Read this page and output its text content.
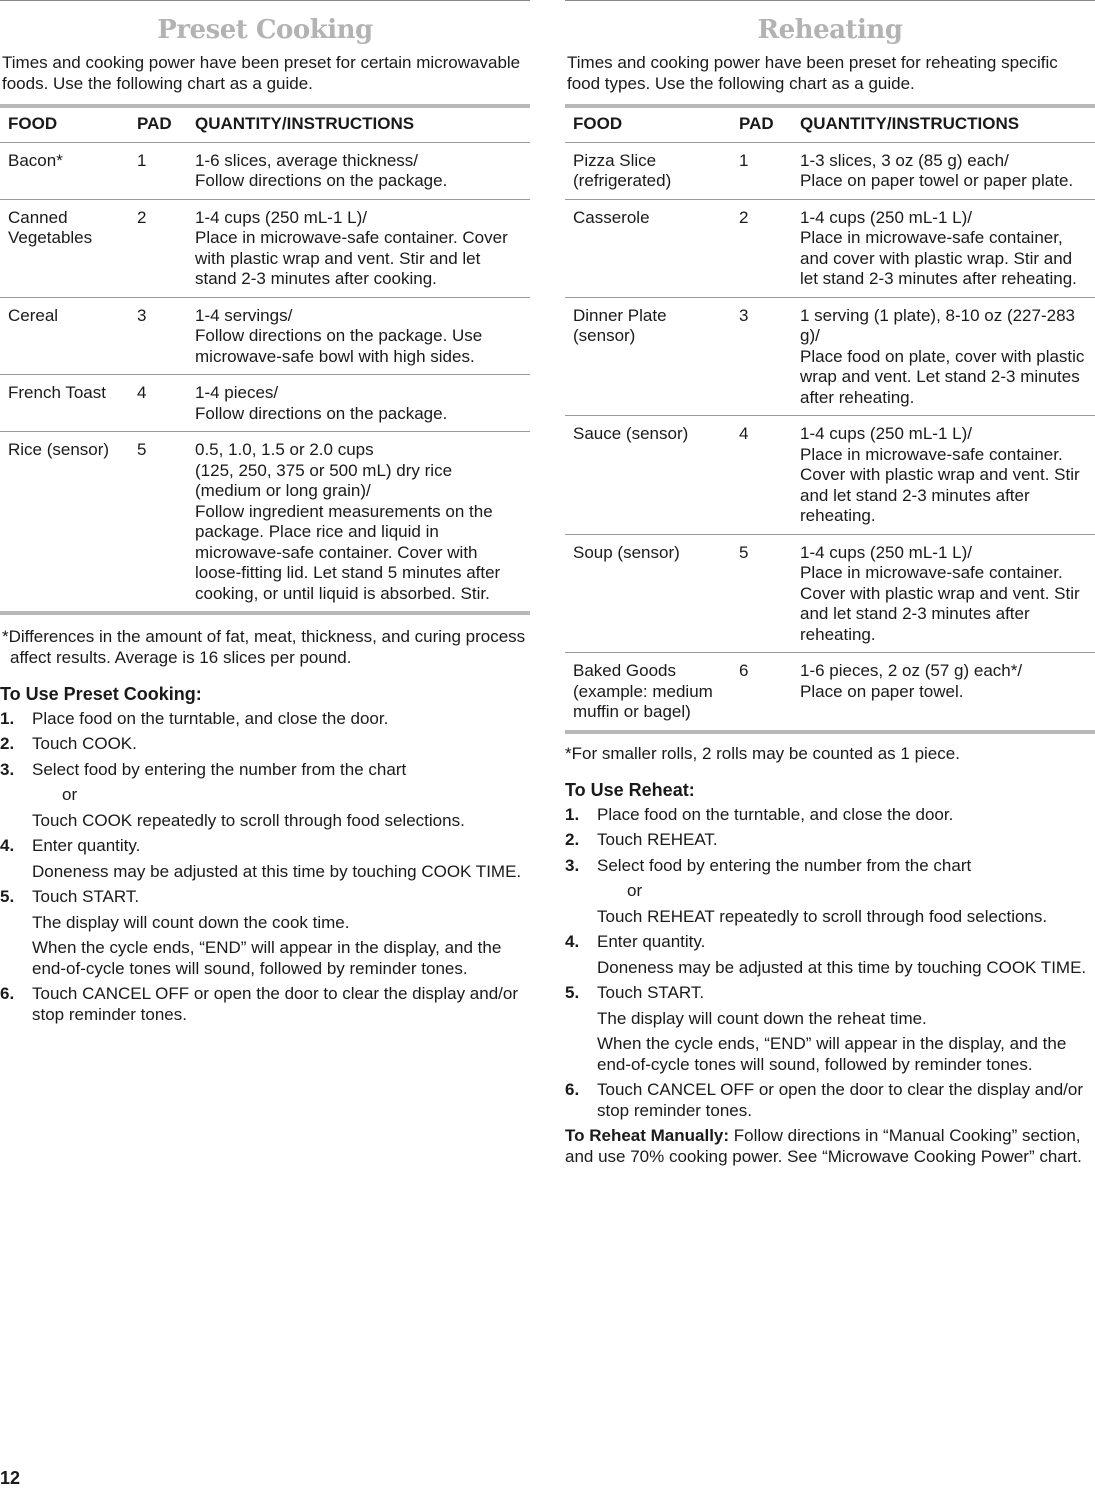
Preset Cooking

Times and cooking power have been preset for certain microwavable foods. Use the following chart as a guide.

FOOD	PAD	QUANTITY/INSTRUCTIONS
Bacon*	1	1-6 slices, average thickness/
Follow directions on the package.
Canned Vegetables	2	1-4 cups (250 mL-1 L)/
Place in microwave-safe container. Cover with plastic wrap and vent. Stir and let stand 2-3 minutes after cooking.
Cereal	3	1-4 servings/
Follow directions on the package. Use microwave-safe bowl with high sides.
French Toast	4	1-4 pieces/
Follow directions on the package.
Rice (sensor)	5	0.5, 1.0, 1.5 or 2.0 cups
(125, 250, 375 or 500 mL) dry rice (medium or long grain)/
Follow ingredient measurements on the package. Place rice and liquid in microwave-safe container. Cover with loose-fitting lid. Let stand 5 minutes after cooking, or until liquid is absorbed. Stir.

*Differences in the amount of fat, meat, thickness, and curing process affect results. Average is 16 slices per pound.

To Use Preset Cooking:
1. Place food on the turntable, and close the door.
2. Touch COOK.
3. Select food by entering the number from the chart
or
Touch COOK repeatedly to scroll through food selections.
4. Enter quantity.
Doneness may be adjusted at this time by touching COOK TIME.
5. Touch START.
The display will count down the cook time.
When the cycle ends, “END” will appear in the display, and the end-of-cycle tones will sound, followed by reminder tones.
6. Touch CANCEL OFF or open the door to clear the display and/or stop reminder tones.
Reheating

Times and cooking power have been preset for reheating specific food types. Use the following chart as a guide.

FOOD	PAD	QUANTITY/INSTRUCTIONS
Pizza Slice (refrigerated)	1	1-3 slices, 3 oz (85 g) each/
Place on paper towel or paper plate.
Casserole	2	1-4 cups (250 mL-1 L)/
Place in microwave-safe container, and cover with plastic wrap. Stir and let stand 2-3 minutes after reheating.
Dinner Plate (sensor)	3	1 serving (1 plate), 8-10 oz (227-283 g)/
Place food on plate, cover with plastic wrap and vent. Let stand 2-3 minutes after reheating.
Sauce (sensor)	4	1-4 cups (250 mL-1 L)/
Place in microwave-safe container. Cover with plastic wrap and vent. Stir and let stand 2-3 minutes after reheating.
Soup (sensor)	5	1-4 cups (250 mL-1 L)/
Place in microwave-safe container. Cover with plastic wrap and vent. Stir and let stand 2-3 minutes after reheating.
Baked Goods (example: medium muffin or bagel)	6	1-6 pieces, 2 oz (57 g) each*/
Place on paper towel.

*For smaller rolls, 2 rolls may be counted as 1 piece.

To Use Reheat:
1. Place food on the turntable, and close the door.
2. Touch REHEAT.
3. Select food by entering the number from the chart
or
Touch REHEAT repeatedly to scroll through food selections.
4. Enter quantity.
Doneness may be adjusted at this time by touching COOK TIME.
5. Touch START.
The display will count down the reheat time.
When the cycle ends, “END” will appear in the display, and the end-of-cycle tones will sound, followed by reminder tones.
6. Touch CANCEL OFF or open the door to clear the display and/or stop reminder tones.

To Reheat Manually: Follow directions in “Manual Cooking” section, and use 70% cooking power. See “Microwave Cooking Power” chart.

12
